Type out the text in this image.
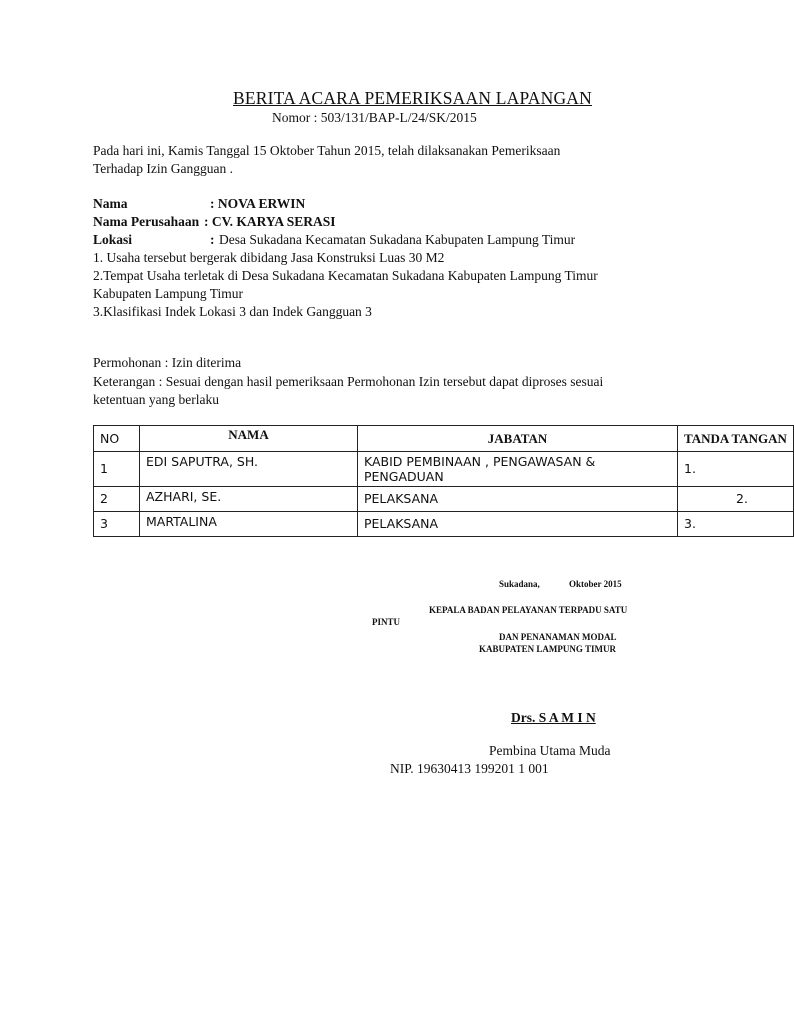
BERITA ACARA PEMERIKSAAN LAPANGAN
Nomor : 503/131/BAP-L/24/SK/2015
Pada hari ini, Kamis Tanggal 15 Oktober Tahun 2015, telah dilaksanakan Pemeriksaan
Terhadap Izin Gangguan .
Nama	: NOVA ERWIN
Nama Perusahaan : CV. KARYA SERASI
Lokasi	: Desa Sukadana Kecamatan Sukadana Kabupaten Lampung Timur
1. Usaha tersebut bergerak dibidang Jasa Konstruksi Luas 30 M2
2.Tempat Usaha terletak di Desa Sukadana Kecamatan Sukadana Kabupaten Lampung Timur
Kabupaten Lampung Timur
3.Klasifikasi Indek Lokasi 3 dan Indek Gangguan 3
Permohonan : Izin diterima
Keterangan : Sesuai dengan hasil pemeriksaan Permohonan Izin tersebut dapat diproses sesuai
ketentuan yang berlaku
NO	NAMA	JABATAN	TANDA TANGAN

1	EDI SAPUTRA, SH.	KABID PEMBINAAN , PENGAWASAN &
PENGADUAN	1.

2	AZHARI, SE.	PELAKSANA	2.

3	MARTALINA	PELAKSANA	3.
Sukadana,	Oktober 2015
KEPALA BADAN PELAYANAN TERPADU SATU
PINTU
DAN PENANAMAN MODAL
KABUPATEN LAMPUNG TIMUR
Drs. S A M I N
Pembina Utama Muda
NIP. 19630413 199201 1 001
